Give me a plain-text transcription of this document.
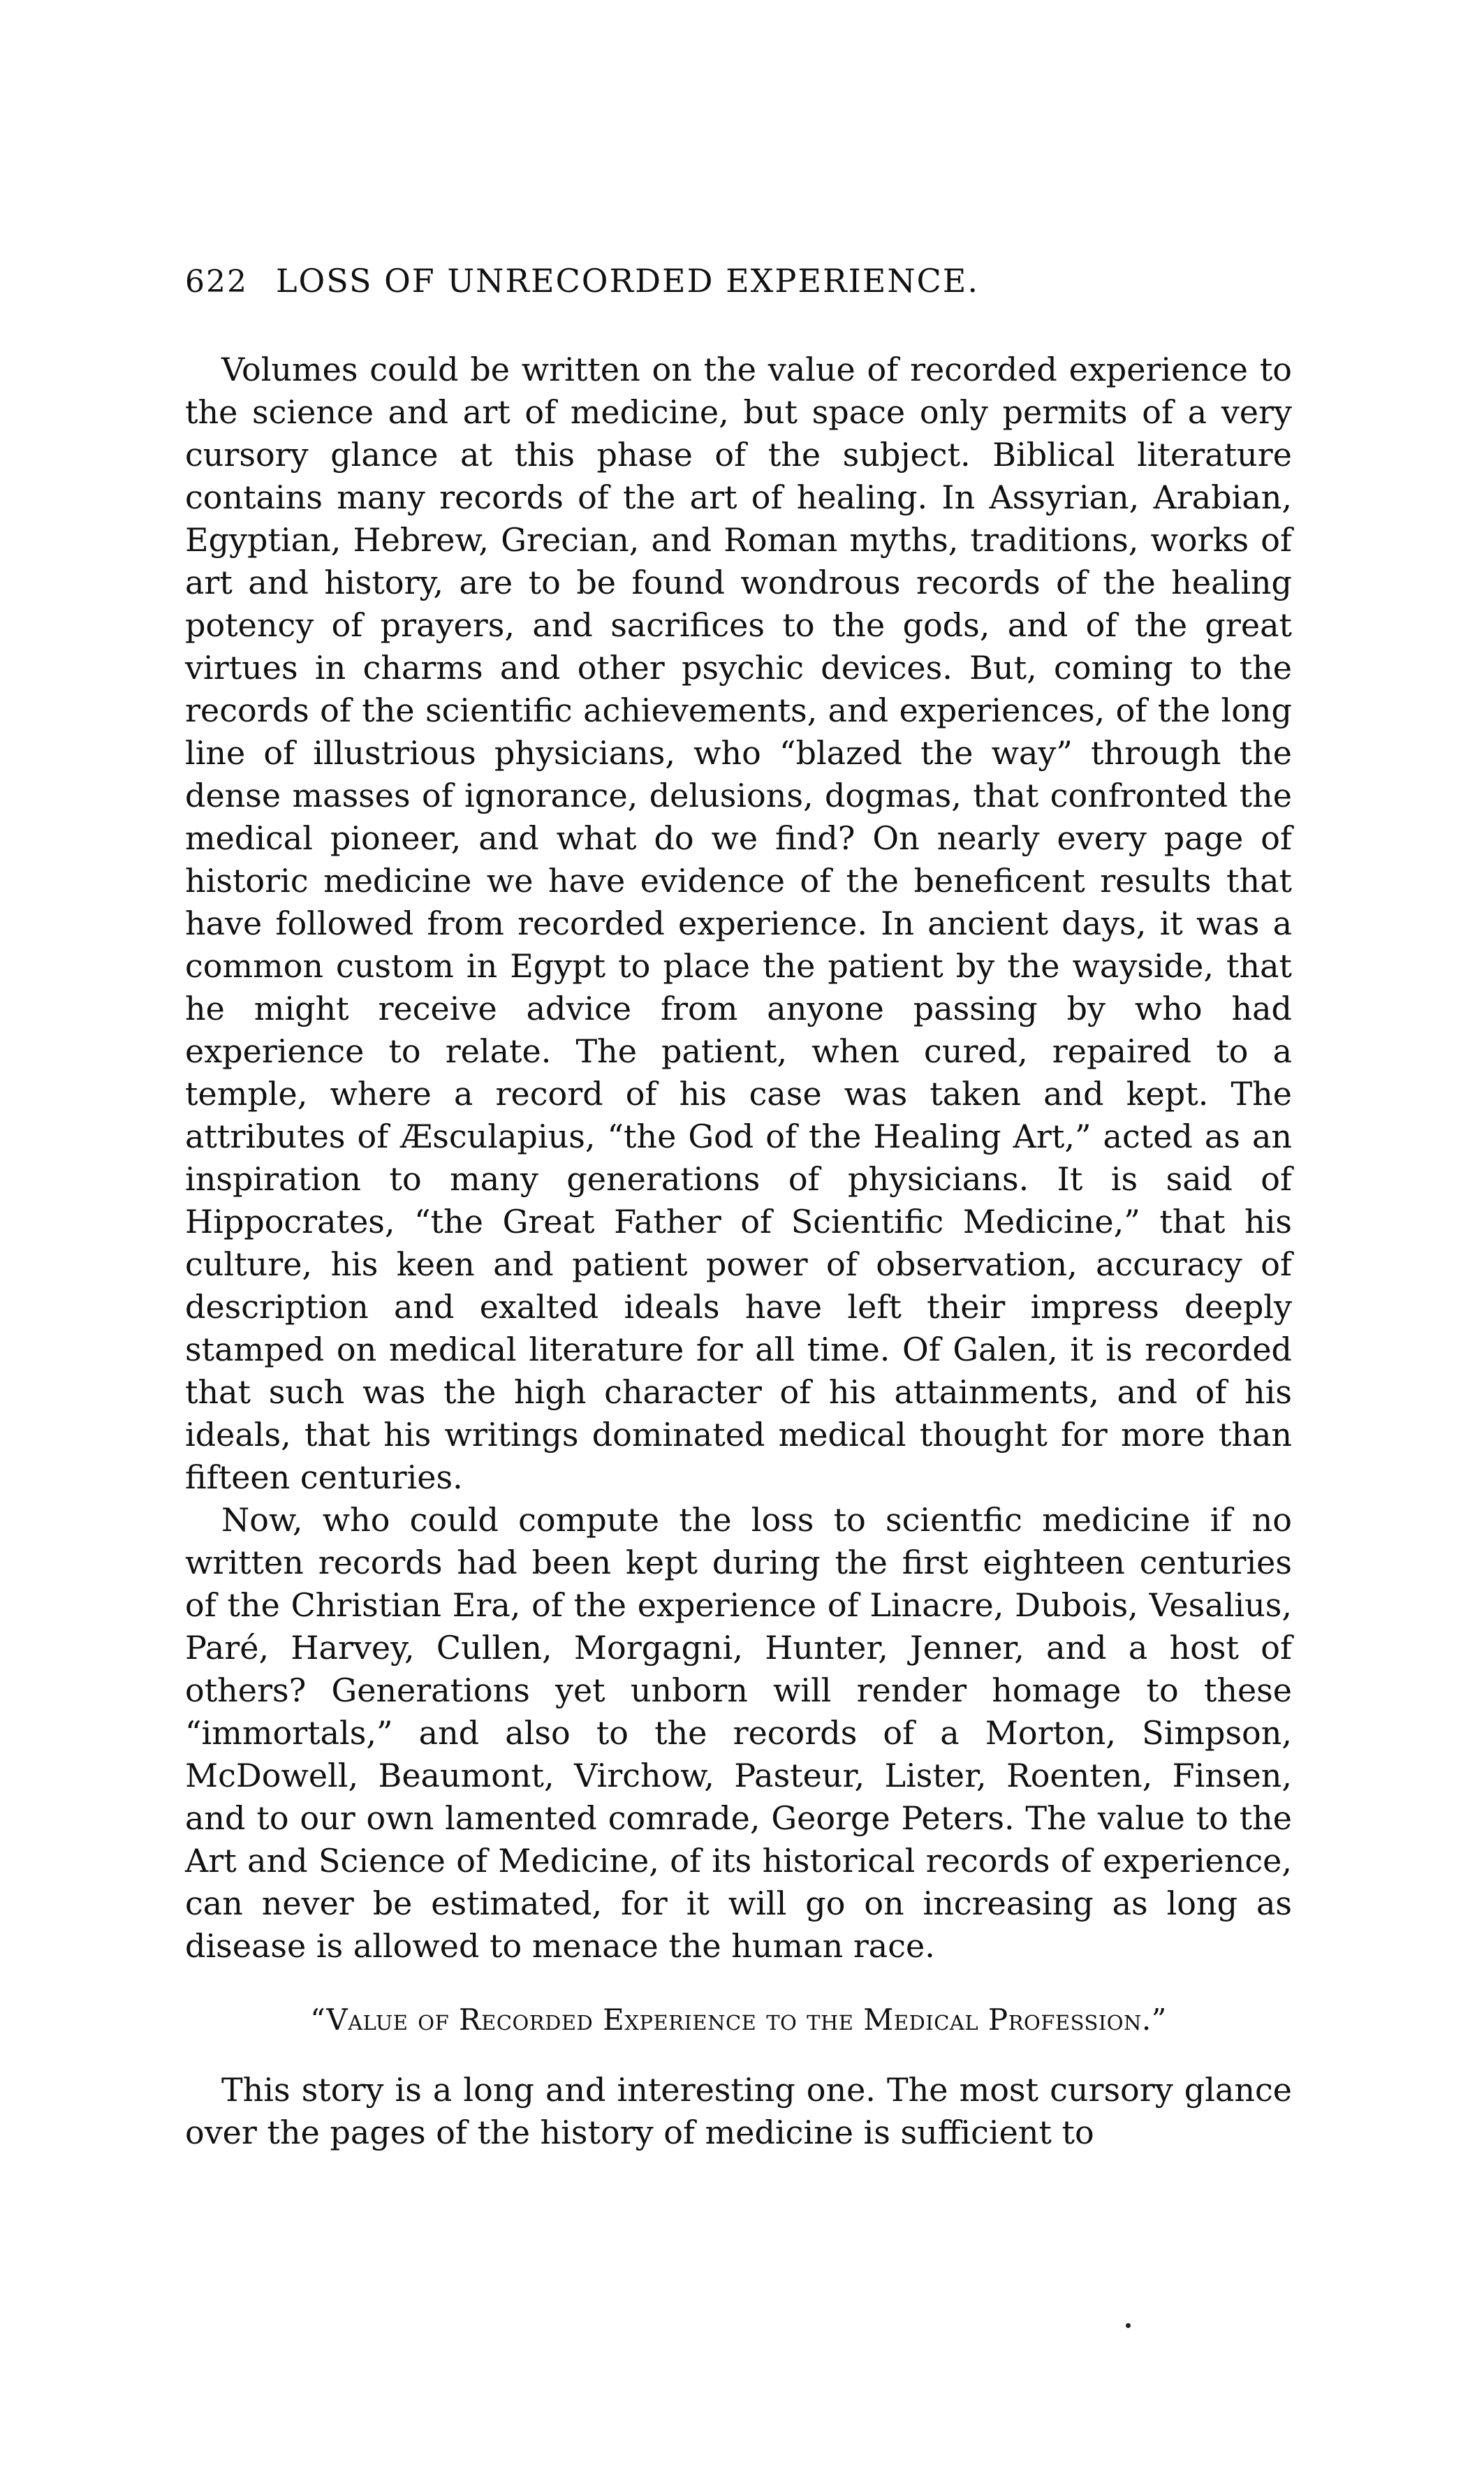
622 LOSS OF UNRECORDED EXPERIENCE.

Volumes could be written on the value of recorded experience to the science and art of medicine, but space only permits of a very cursory glance at this phase of the subject. Biblical literature contains many records of the art of healing. In Assyrian, Arabian, Egyptian, Hebrew, Grecian, and Roman myths, traditions, works of art and history, are to be found wondrous records of the healing potency of prayers, and sacrifices to the gods, and of the great virtues in charms and other psychic devices. But, coming to the records of the scientific achievements, and experiences, of the long line of illustrious physicians, who “blazed the way” through the dense masses of ignorance, delusions, dogmas, that confronted the medical pioneer, and what do we find? On nearly every page of historic medicine we have evidence of the beneficent results that have followed from recorded experience. In ancient days, it was a common custom in Egypt to place the patient by the wayside, that he might receive advice from anyone passing by who had experience to relate. The patient, when cured, repaired to a temple, where a record of his case was taken and kept. The attributes of Æsculapius, “the God of the Healing Art,” acted as an inspiration to many generations of physicians. It is said of Hippocrates, “the Great Father of Scientific Medicine,” that his culture, his keen and patient power of observation, accuracy of description and exalted ideals have left their impress deeply stamped on medical literature for all time. Of Galen, it is recorded that such was the high character of his attainments, and of his ideals, that his writings dominated medical thought for more than fifteen centuries.

Now, who could compute the loss to scientfic medicine if no written records had been kept during the first eighteen centuries of the Christian Era, of the experience of Linacre, Dubois, Vesalius, Paré, Harvey, Cullen, Morgagni, Hunter, Jenner, and a host of others? Generations yet unborn will render homage to these “immortals,” and also to the records of a Morton, Simpson, McDowell, Beaumont, Virchow, Pasteur, Lister, Roenten, Finsen, and to our own lamented comrade, George Peters. The value to the Art and Science of Medicine, of its historical records of experience, can never be estimated, for it will go on increasing as long as disease is allowed to menace the human race.

“Value of Recorded Experience to the Medical Profession.”

This story is a long and interesting one. The most cursory glance over the pages of the history of medicine is sufficient to
